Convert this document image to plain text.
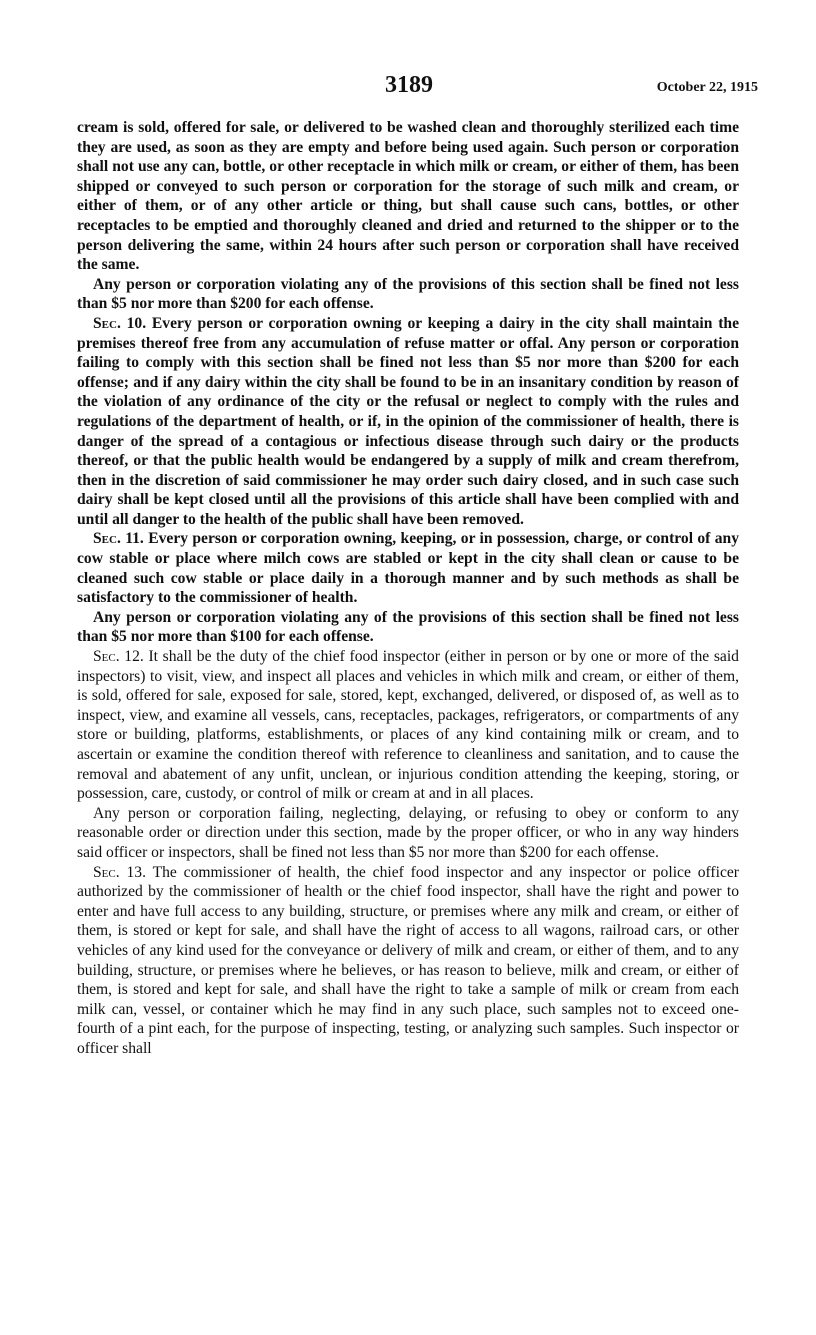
3189	October 22, 1915

cream is sold, offered for sale, or delivered to be washed clean and thoroughly sterilized each time they are used, as soon as they are empty and before being used again. Such person or corporation shall not use any can, bottle, or other receptacle in which milk or cream, or either of them, has been shipped or conveyed to such person or corporation for the storage of such milk and cream, or either of them, or of any other article or thing, but shall cause such cans, bottles, or other receptacles to be emptied and thoroughly cleaned and dried and returned to the shipper or to the person delivering the same, within 24 hours after such person or corporation shall have received the same.

Any person or corporation violating any of the provisions of this section shall be fined not less than $5 nor more than $200 for each offense.

Sec. 10. Every person or corporation owning or keeping a dairy in the city shall maintain the premises thereof free from any accumulation of refuse matter or offal. Any person or corporation failing to comply with this section shall be fined not less than $5 nor more than $200 for each offense; and if any dairy within the city shall be found to be in an insanitary condition by reason of the violation of any ordinance of the city or the refusal or neglect to comply with the rules and regulations of the department of health, or if, in the opinion of the commissioner of health, there is danger of the spread of a contagious or infectious disease through such dairy or the products thereof, or that the public health would be endangered by a supply of milk and cream therefrom, then in the discretion of said commissioner he may order such dairy closed, and in such case such dairy shall be kept closed until all the provisions of this article shall have been complied with and until all danger to the health of the public shall have been removed.

Sec. 11. Every person or corporation owning, keeping, or in possession, charge, or control of any cow stable or place where milch cows are stabled or kept in the city shall clean or cause to be cleaned such cow stable or place daily in a thorough manner and by such methods as shall be satisfactory to the commissioner of health.

Any person or corporation violating any of the provisions of this section shall be fined not less than $5 nor more than $100 for each offense.

Sec. 12. It shall be the duty of the chief food inspector (either in person or by one or more of the said inspectors) to visit, view, and inspect all places and vehicles in which milk and cream, or either of them, is sold, offered for sale, exposed for sale, stored, kept, exchanged, delivered, or disposed of, as well as to inspect, view, and examine all vessels, cans, receptacles, packages, refrigerators, or compartments of any store or building, platforms, establishments, or places of any kind containing milk or cream, and to ascertain or examine the condition thereof with reference to cleanliness and sanitation, and to cause the removal and abatement of any unfit, unclean, or injurious condition attending the keeping, storing, or possession, care, custody, or control of milk or cream at and in all places.

Any person or corporation failing, neglecting, delaying, or refusing to obey or conform to any reasonable order or direction under this section, made by the proper officer, or who in any way hinders said officer or inspectors, shall be fined not less than $5 nor more than $200 for each offense.

Sec. 13. The commissioner of health, the chief food inspector and any inspector or police officer authorized by the commissioner of health or the chief food inspector, shall have the right and power to enter and have full access to any building, structure, or premises where any milk and cream, or either of them, is stored or kept for sale, and shall have the right of access to all wagons, railroad cars, or other vehicles of any kind used for the conveyance or delivery of milk and cream, or either of them, and to any building, structure, or premises where he believes, or has reason to believe, milk and cream, or either of them, is stored and kept for sale, and shall have the right to take a sample of milk or cream from each milk can, vessel, or container which he may find in any such place, such samples not to exceed one-fourth of a pint each, for the purpose of inspecting, testing, or analyzing such samples. Such inspector or officer shall
